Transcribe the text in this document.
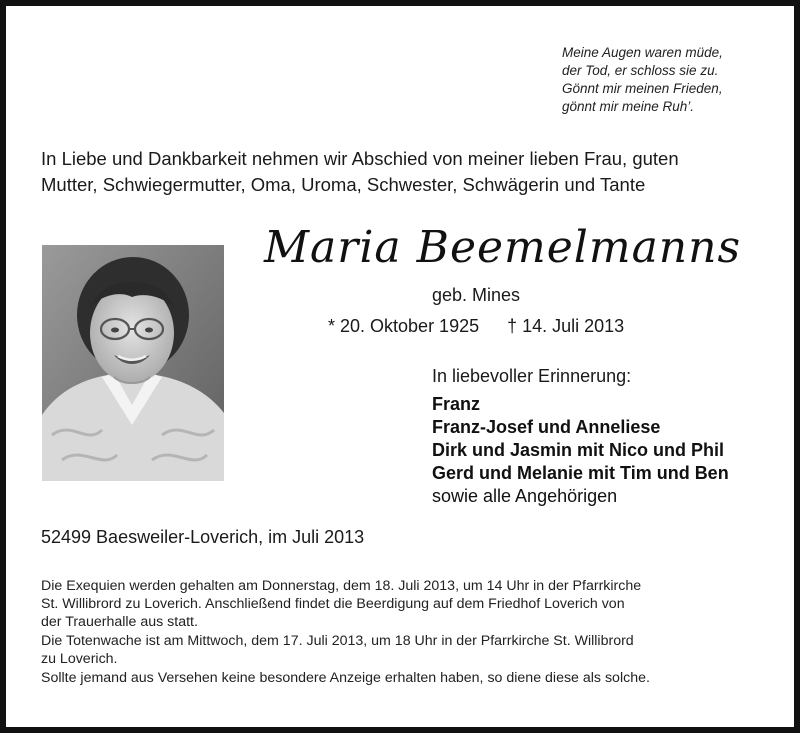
Meine Augen waren müde,
der Tod, er schloss sie zu.
Gönnt mir meinen Frieden,
gönnt mir meine Ruh’.
In Liebe und Dankbarkeit nehmen wir Abschied von meiner lieben Frau, guten
Mutter, Schwiegermutter, Oma, Uroma, Schwester, Schwägerin und Tante
Maria Beemelmanns
geb. Mines
* 20. Oktober 1925 † 14. Juli 2013
In liebevoller Erinnerung:
Franz
Franz-Josef und Anneliese
Dirk und Jasmin mit Nico und Phil
Gerd und Melanie mit Tim und Ben
sowie alle Angehörigen
52499 Baesweiler-Loverich, im Juli 2013
Die Exequien werden gehalten am Donnerstag, dem 18. Juli 2013, um 14 Uhr in der Pfarrkirche
St. Willibrord zu Loverich. Anschließend findet die Beerdigung auf dem Friedhof Loverich von
der Trauerhalle aus statt.
Die Totenwache ist am Mittwoch, dem 17. Juli 2013, um 18 Uhr in der Pfarrkirche St. Willibrord
zu Loverich.
Sollte jemand aus Versehen keine besondere Anzeige erhalten haben, so diene diese als solche.
